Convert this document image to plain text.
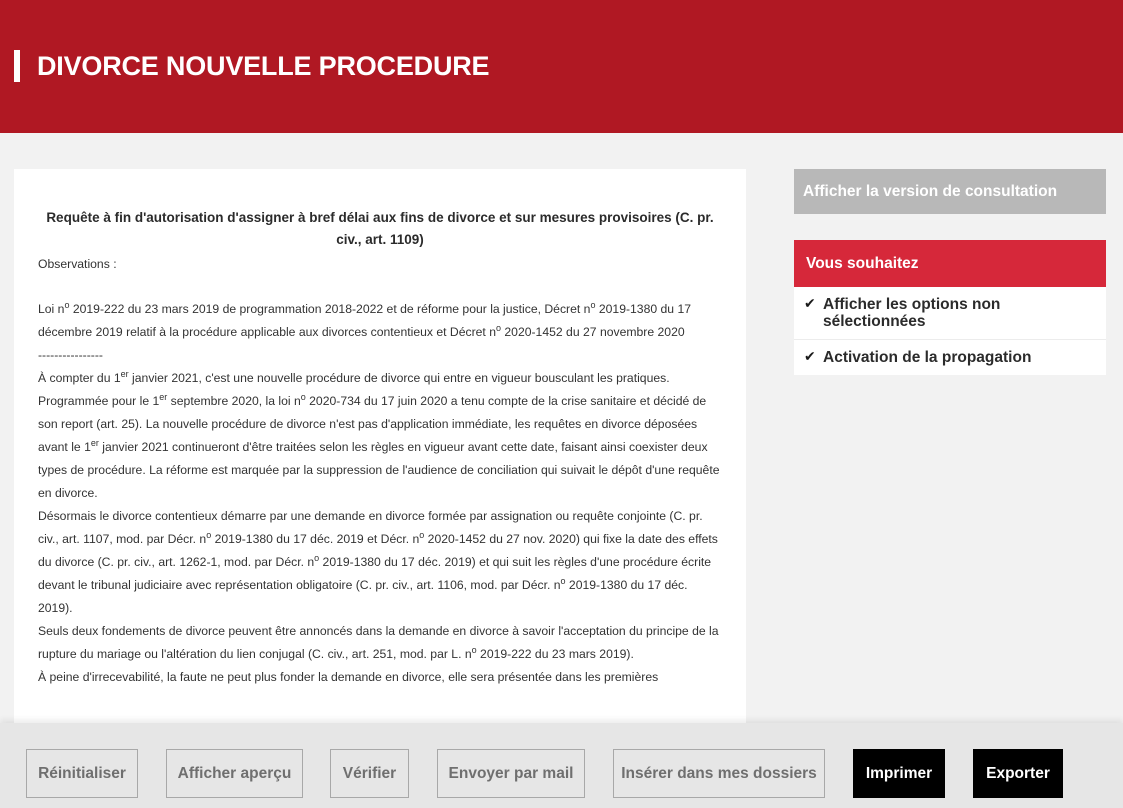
DIVORCE NOUVELLE PROCEDURE
Requête à fin d'autorisation d'assigner à bref délai aux fins de divorce et sur mesures provisoires (C. pr. civ., art. 1109)

Observations :

Loi $n^o$ 2019-222 du 23 mars 2019 de programmation 2018-2022 et de réforme pour la justice, Décret $n^o$ 2019-1380 du 17 décembre 2019 relatif à la procédure applicable aux divorces contentieux et Décret $n^o$ 2020-1452 du 27 novembre 2020

----------------

À compter du 1er janvier 2021, c'est une nouvelle procédure de divorce qui entre en vigueur bousculant les pratiques. Programmée pour le 1er septembre 2020, la loi $n^o$ 2020-734 du 17 juin 2020 a tenu compte de la crise sanitaire et décidé de son report (art. 25). La nouvelle procédure de divorce n'est pas d'application immédiate, les requêtes en divorce déposées avant le 1er janvier 2021 continueront d'être traitées selon les règles en vigueur avant cette date, faisant ainsi coexister deux types de procédure. La réforme est marquée par la suppression de l'audience de conciliation qui suivait le dépôt d'une requête en divorce.

Désormais le divorce contentieux démarre par une demande en divorce formée par assignation ou requête conjointe (C. pr. civ., art. 1107, mod. par Décr. $n^o$ 2019-1380 du 17 déc. 2019 et Décr. $n^o$ 2020-1452 du 27 nov. 2020) qui fixe la date des effets du divorce (C. pr. civ., art. 1262-1, mod. par Décr. $n^o$ 2019-1380 du 17 déc. 2019) et qui suit les règles d'une procédure écrite devant le tribunal judiciaire avec représentation obligatoire (C. pr. civ., art. 1106, mod. par Décr. $n^o$ 2019-1380 du 17 déc. 2019).

Seuls deux fondements de divorce peuvent être annoncés dans la demande en divorce à savoir l'acceptation du principe de la rupture du mariage ou l'altération du lien conjugal (C. civ., art. 251, mod. par L. $n^o$ 2019-222 du 23 mars 2019).

À peine d'irrecevabilité, la faute ne peut plus fonder la demande en divorce, elle sera présentée dans les premières

Afficher la version de consultation
Vous souhaitez
✔ Afficher les options non sélectionnées
✔ Activation de la propagation
Réinitialiser	Afficher aperçu	Vérifier	Envoyer par mail	Insérer dans mes dossiers	Imprimer	Exporter
